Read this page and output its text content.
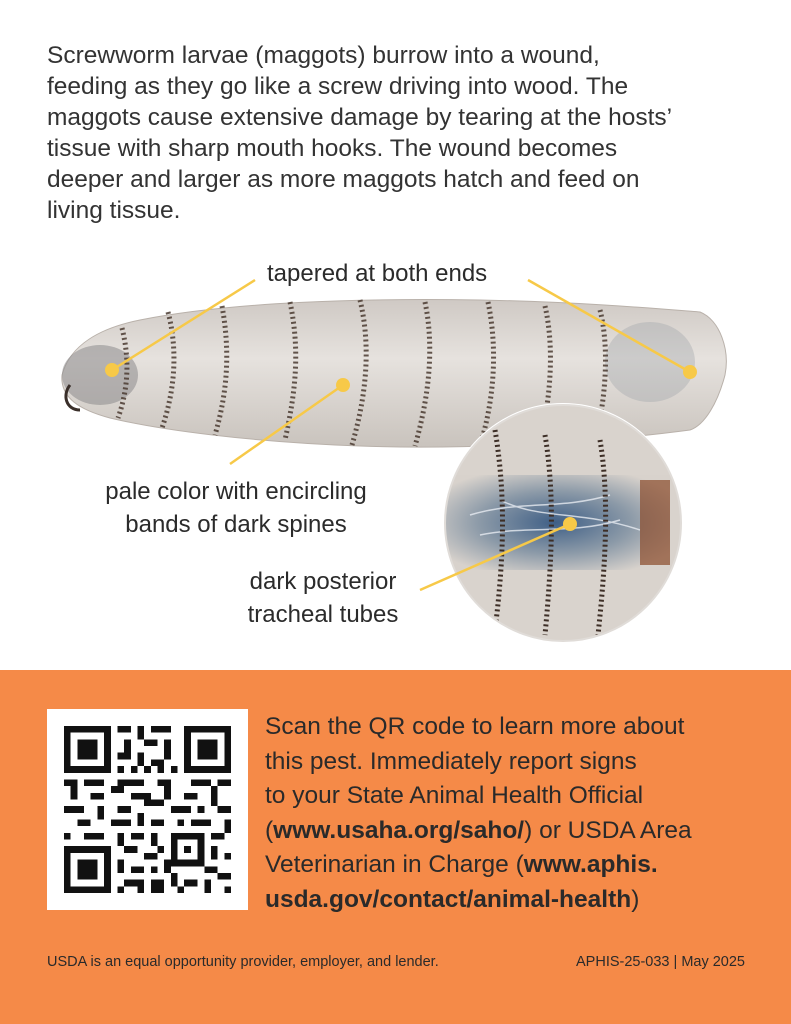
Screwworm larvae (maggots) burrow into a wound,
feeding as they go like a screw driving into wood. The
maggots cause extensive damage by tearing at the hosts’
tissue with sharp mouth hooks. The wound becomes
deeper and larger as more maggots hatch and feed on
living tissue.

tapered at both ends
pale color with encircling
bands of dark spines
dark posterior
tracheal tubes

Scan the QR code to learn more about
this pest. Immediately report signs
to your State Animal Health Official
(www.usaha.org/saho/) or USDA Area
Veterinarian in Charge (www.aphis.
usda.gov/contact/animal-health)

USDA is an equal opportunity provider, employer, and lender.	APHIS-25-033 | May 2025
